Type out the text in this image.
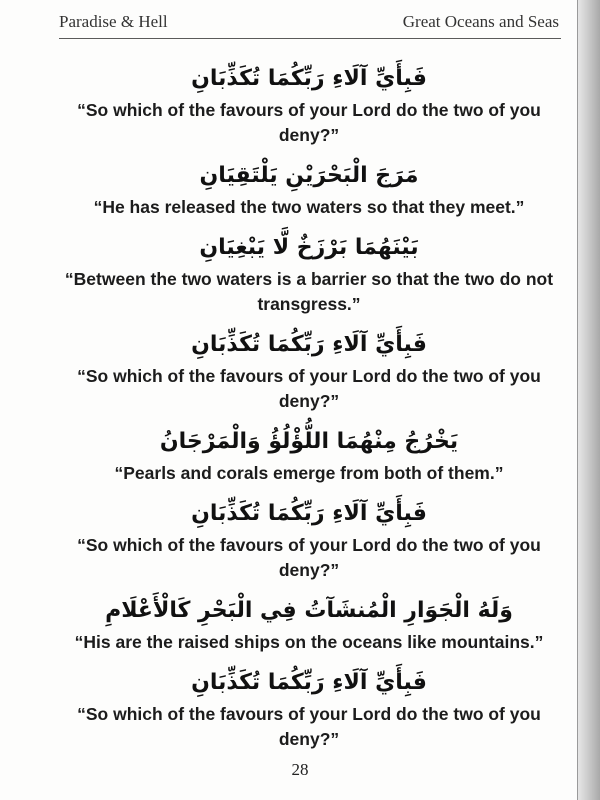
Paradise & Hell	Great Oceans and Seas
فَبِأَيِّ آلَاءِ رَبِّكُمَا تُكَذِّبَانِ
“So which of the favours of your Lord do the two of you deny?”
مَرَجَ الْبَحْرَيْنِ يَلْتَقِيَانِ
“He has released the two waters so that they meet.”
بَيْنَهُمَا بَرْزَخٌ لَّا يَبْغِيَانِ
“Between the two waters is a barrier so that the two do not transgress.”
فَبِأَيِّ آلَاءِ رَبِّكُمَا تُكَذِّبَانِ
“So which of the favours of your Lord do the two of you deny?”
يَخْرُجُ مِنْهُمَا اللُّؤْلُؤُ وَالْمَرْجَانُ
“Pearls and corals emerge from both of them.”
فَبِأَيِّ آلَاءِ رَبِّكُمَا تُكَذِّبَانِ
“So which of the favours of your Lord do the two of you deny?”
وَلَهُ الْجَوَارِ الْمُنشَآتُ فِي الْبَحْرِ كَالْأَعْلَامِ
“His are the raised ships on the oceans like mountains.”
فَبِأَيِّ آلَاءِ رَبِّكُمَا تُكَذِّبَانِ
“So which of the favours of your Lord do the two of you deny?”
28
